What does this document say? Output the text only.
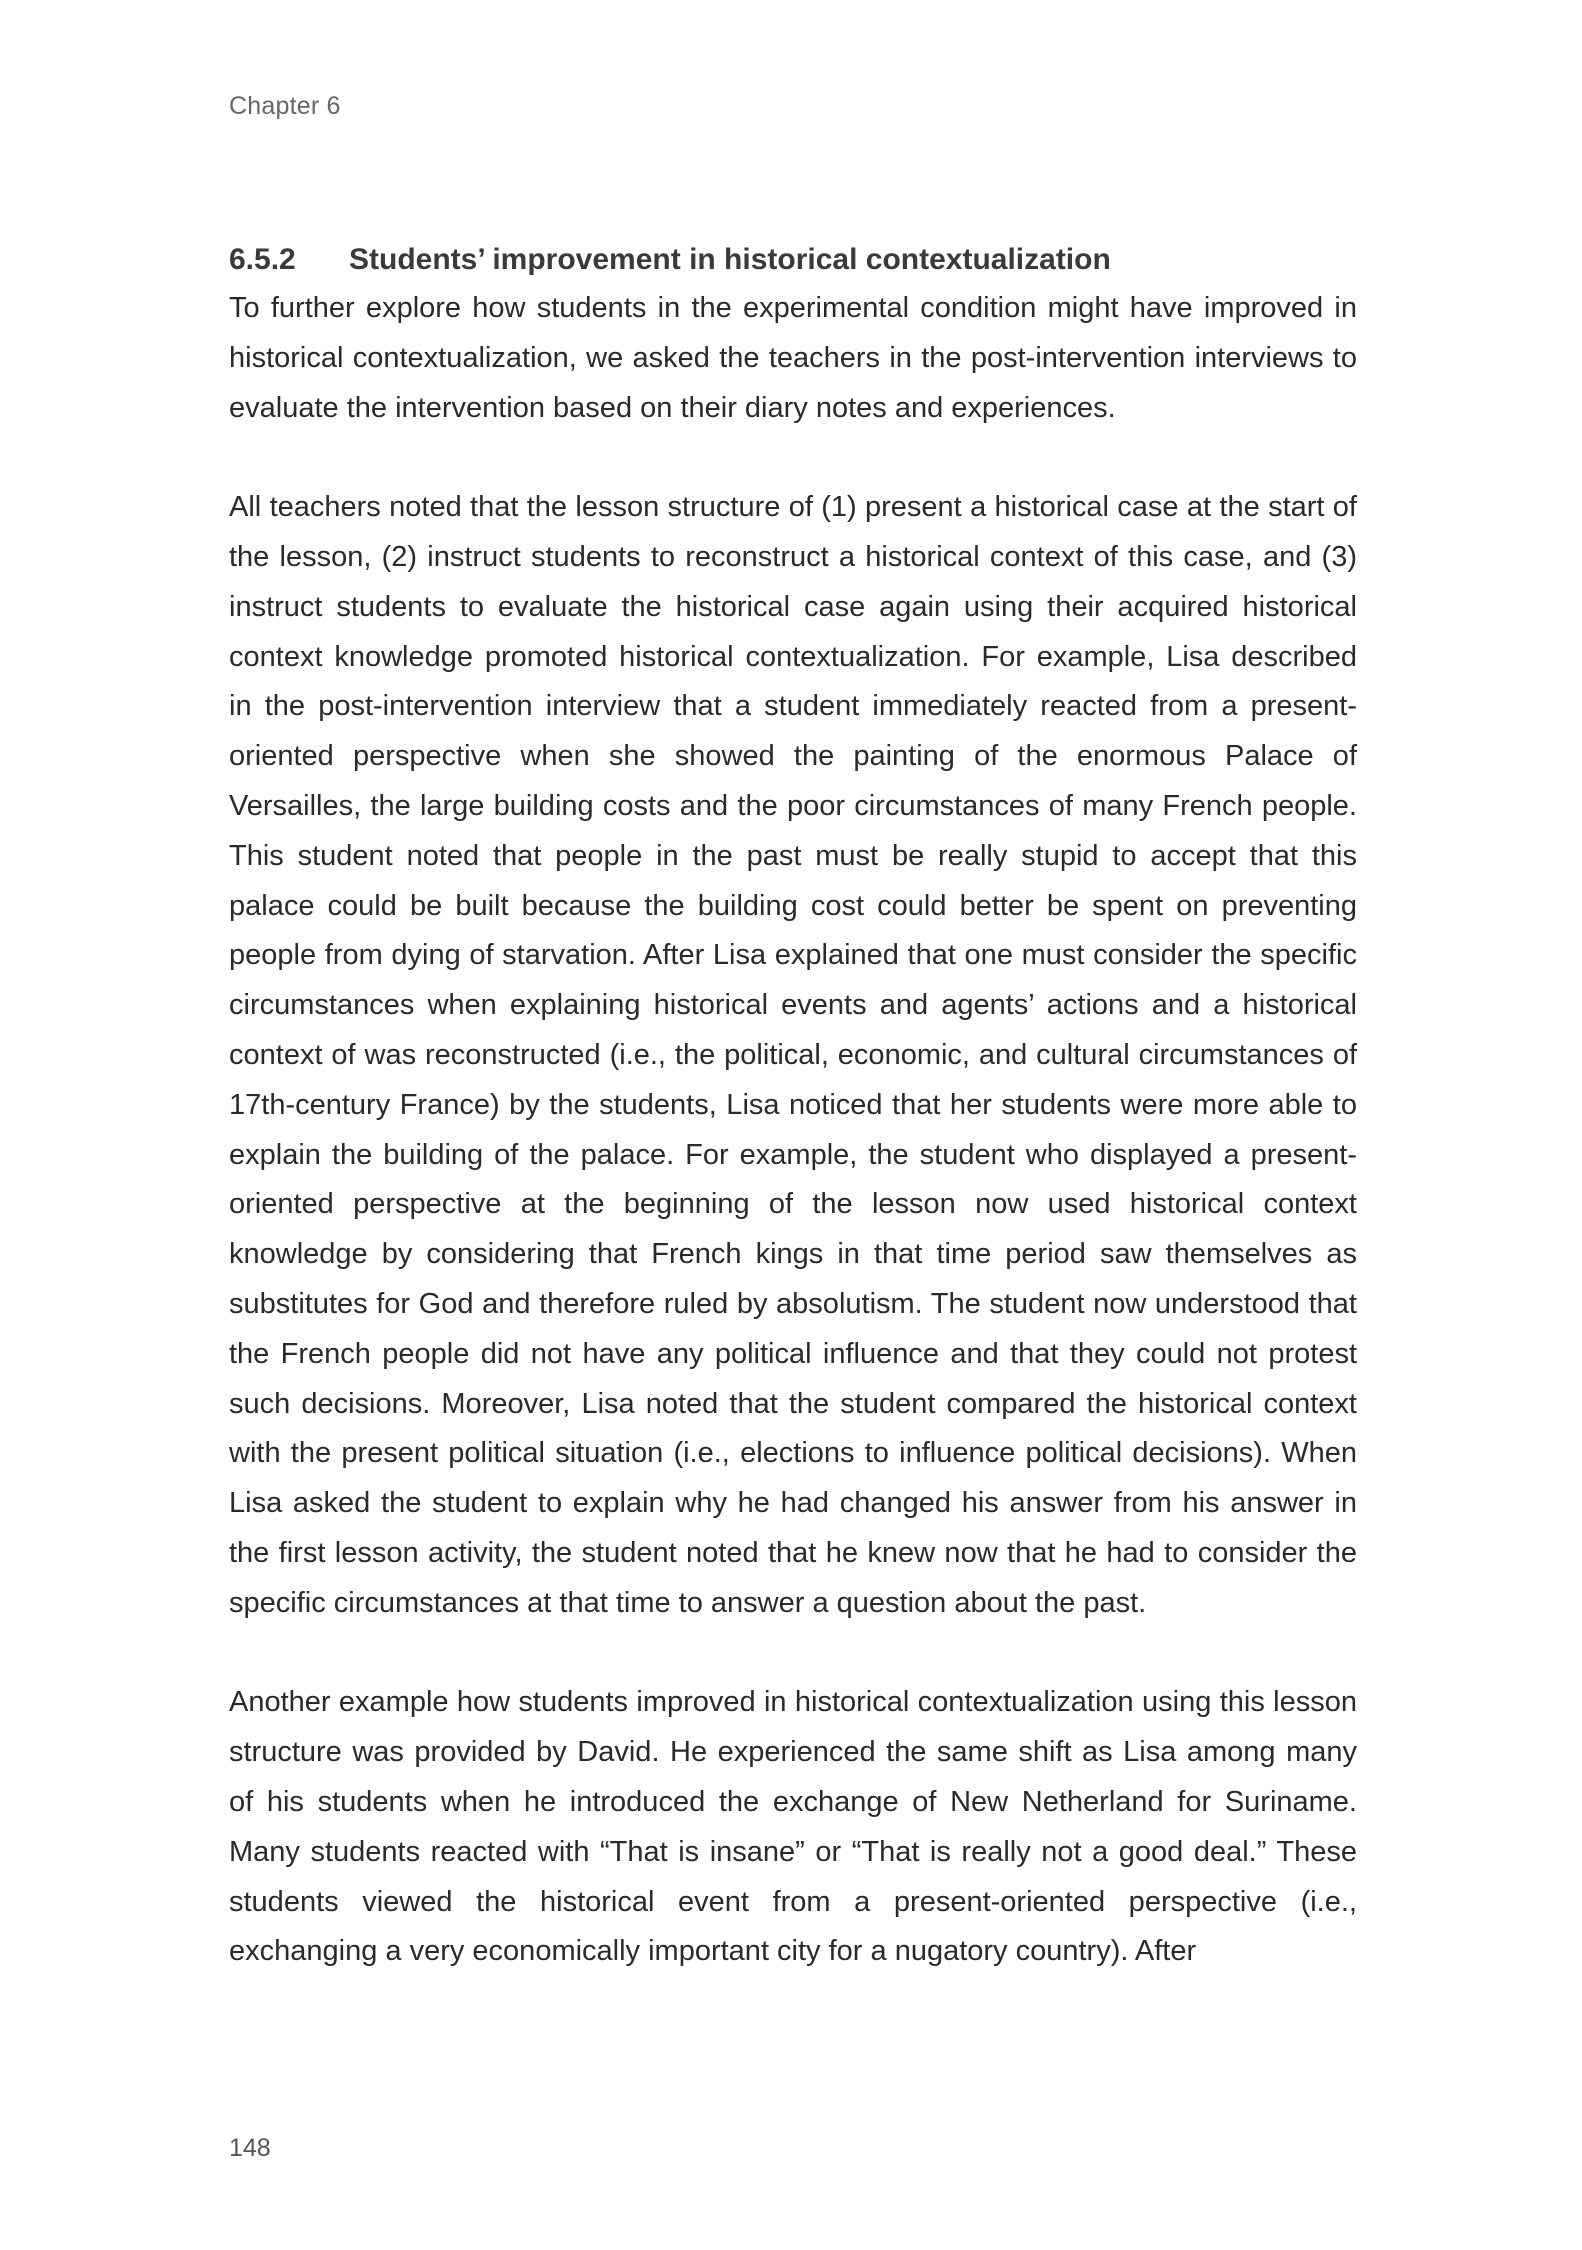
Chapter 6
6.5.2	Students’ improvement in historical contextualization

To further explore how students in the experimental condition might have improved in historical contextualization, we asked the teachers in the post-intervention interviews to evaluate the intervention based on their diary notes and experiences.

All teachers noted that the lesson structure of (1) present a historical case at the start of the lesson, (2) instruct students to reconstruct a historical context of this case, and (3) instruct students to evaluate the historical case again using their acquired historical context knowledge promoted historical contextualization. For example, Lisa described in the post-intervention interview that a student immediately reacted from a present-oriented perspective when she showed the painting of the enormous Palace of Versailles, the large building costs and the poor circumstances of many French people. This student noted that people in the past must be really stupid to accept that this palace could be built because the building cost could better be spent on preventing people from dying of starvation. After Lisa explained that one must consider the specific circumstances when explaining historical events and agents’ actions and a historical context of was reconstructed (i.e., the political, economic, and cultural circumstances of 17th-century France) by the students, Lisa noticed that her students were more able to explain the building of the palace. For example, the student who displayed a present-oriented perspective at the beginning of the lesson now used historical context knowledge by considering that French kings in that time period saw themselves as substitutes for God and therefore ruled by absolutism. The student now understood that the French people did not have any political influence and that they could not protest such decisions. Moreover, Lisa noted that the student compared the historical context with the present political situation (i.e., elections to influence political decisions). When Lisa asked the student to explain why he had changed his answer from his answer in the first lesson activity, the student noted that he knew now that he had to consider the specific circumstances at that time to answer a question about the past.

Another example how students improved in historical contextualization using this lesson structure was provided by David. He experienced the same shift as Lisa among many of his students when he introduced the exchange of New Netherland for Suriname. Many students reacted with “That is insane” or “That is really not a good deal.” These students viewed the historical event from a present-oriented perspective (i.e., exchanging a very economically important city for a nugatory country). After

148
